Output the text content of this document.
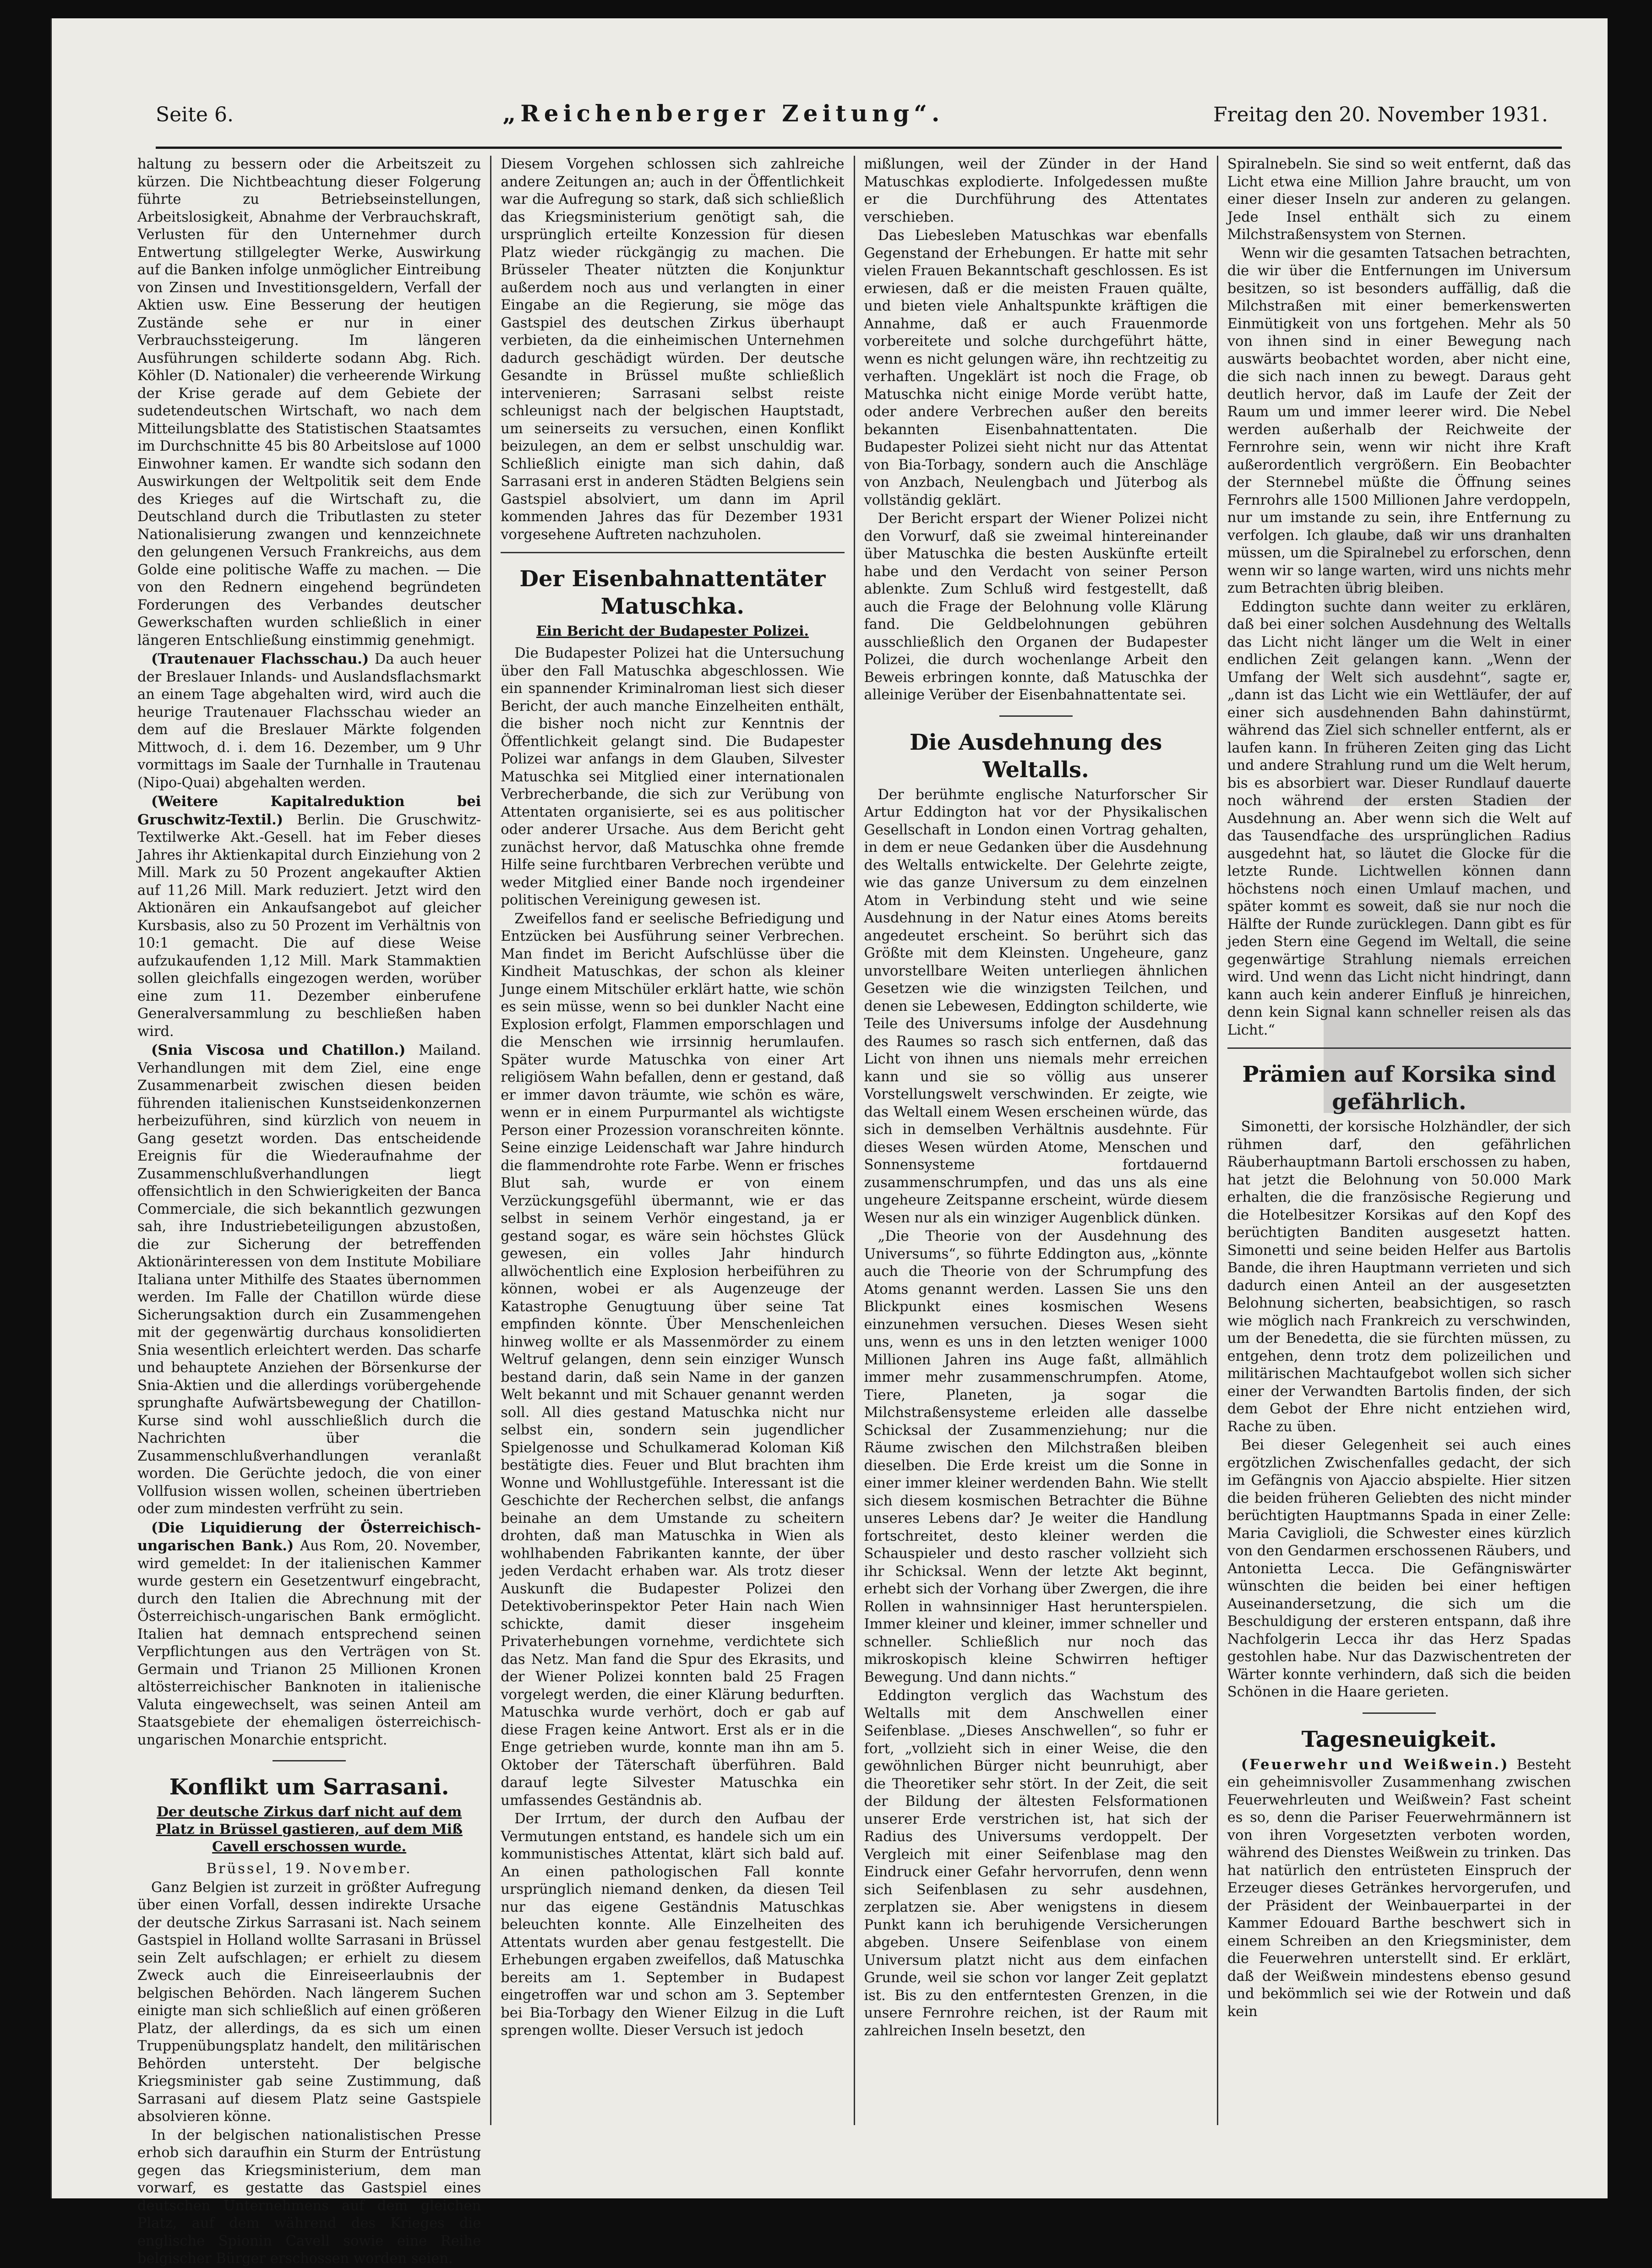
Seite 6.	„Reichenberger Zeitung“.	Freitag den 20. November 1931.

haltung zu bessern oder die Arbeitszeit zu kürzen. Die Nichtbeachtung dieser Folgerung führte zu Betriebseinstellungen, Arbeitslosigkeit, Abnahme der Verbrauchskraft, Verlusten für den Unternehmer durch Entwertung stillgelegter Werke, Auswirkung auf die Banken infolge unmöglicher Eintreibung von Zinsen und Investitionsgeldern, Verfall der Aktien usw. Eine Besserung der heutigen Zustände sehe er nur in einer Verbrauchssteigerung. Im längeren Ausführungen schilderte sodann Abg. Rich. Köhler (D. Nationaler) die verheerende Wirkung der Krise gerade auf dem Gebiete der sudetendeutschen Wirtschaft, wo nach dem Mitteilungsblatte des Statistischen Staatsamtes im Durchschnitte 45 bis 80 Arbeitslose auf 1000 Einwohner kamen. Er wandte sich sodann den Auswirkungen der Weltpolitik seit dem Ende des Krieges auf die Wirtschaft zu, die Deutschland durch die Tributlasten zu steter Nationalisierung zwangen und kennzeichnete den gelungenen Versuch Frankreichs, aus dem Golde eine politische Waffe zu machen. — Die von den Rednern eingehend begründeten Forderungen des Verbandes deutscher Gewerkschaften wurden schließlich in einer längeren Entschließung einstimmig genehmigt.

(Trautenauer Flachsschau.) Da auch heuer der Breslauer Inlands- und Auslandsflachsmarkt an einem Tage abgehalten wird, wird auch die heurige Trautenauer Flachsschau wieder an dem auf die Breslauer Märkte folgenden Mittwoch, d. i. dem 16. Dezember, um 9 Uhr vormittags im Saale der Turnhalle in Trautenau (Nipo-Quai) abgehalten werden.

(Weitere Kapitalreduktion bei Gruschwitz-Textil.) Berlin. Die Gruschwitz-Textilwerke Akt.-Gesell. hat im Feber dieses Jahres ihr Aktienkapital durch Einziehung von 2 Mill. Mark zu 50 Prozent angekaufter Aktien auf 11,26 Mill. Mark reduziert. Jetzt wird den Aktionären ein Ankaufsangebot auf gleicher Kursbasis, also zu 50 Prozent im Verhältnis von 10:1 gemacht. Die auf diese Weise aufzukaufenden 1,12 Mill. Mark Stammaktien sollen gleichfalls eingezogen werden, worüber eine zum 11. Dezember einberufene Generalversammlung zu beschließen haben wird.

(Snia Viscosa und Chatillon.) Mailand. Verhandlungen mit dem Ziel, eine enge Zusammenarbeit zwischen diesen beiden führenden italienischen Kunstseidenkonzernen herbeizuführen, sind kürzlich von neuem in Gang gesetzt worden. Das entscheidende Ereignis für die Wiederaufnahme der Zusammenschlußverhandlungen liegt offensichtlich in den Schwierigkeiten der Banca Commerciale, die sich bekanntlich gezwungen sah, ihre Industriebeteiligungen abzustoßen, die zur Sicherung der betreffenden Aktionärinteressen von dem Institute Mobiliare Italiana unter Mithilfe des Staates übernommen werden. Im Falle der Chatillon würde diese Sicherungsaktion durch ein Zusammengehen mit der gegenwärtig durchaus konsolidierten Snia wesentlich erleichtert werden. Das scharfe und behauptete Anziehen der Börsenkurse der Snia-Aktien und die allerdings vorübergehende sprunghafte Aufwärtsbewegung der Chatillon-Kurse sind wohl ausschließlich durch die Nachrichten über die Zusammenschlußverhandlungen veranlaßt worden. Die Gerüchte jedoch, die von einer Vollfusion wissen wollen, scheinen übertrieben oder zum mindesten verfrüht zu sein.

(Die Liquidierung der Österreichisch-ungarischen Bank.) Aus Rom, 20. November, wird gemeldet: In der italienischen Kammer wurde gestern ein Gesetzentwurf eingebracht, durch den Italien die Abrechnung mit der Österreichisch-ungarischen Bank ermöglicht. Italien hat demnach entsprechend seinen Verpflichtungen aus den Verträgen von St. Germain und Trianon 25 Millionen Kronen altösterreichischer Banknoten in italienische Valuta eingewechselt, was seinen Anteil am Staatsgebiete der ehemaligen österreichisch-ungarischen Monarchie entspricht.

Konflikt um Sarrasani.
Der deutsche Zirkus darf nicht auf dem Platz in Brüssel gastieren, auf dem Miß Cavell erschossen wurde.

Brüssel, 19. November.

Ganz Belgien ist zurzeit in größter Aufregung über einen Vorfall, dessen indirekte Ursache der deutsche Zirkus Sarrasani ist. Nach seinem Gastspiel in Holland wollte Sarrasani in Brüssel sein Zelt aufschlagen; er erhielt zu diesem Zweck auch die Einreiseerlaubnis der belgischen Behörden. Nach längerem Suchen einigte man sich schließlich auf einen größeren Platz, der allerdings, da es sich um einen Truppenübungsplatz handelt, den militärischen Behörden untersteht. Der belgische Kriegsminister gab seine Zustimmung, daß Sarrasani auf diesem Platz seine Gastspiele absolvieren könne.

In der belgischen nationalistischen Presse erhob sich daraufhin ein Sturm der Entrüstung gegen das Kriegsministerium, dem man vorwarf, es gestatte das Gastspiel eines deutschen Unternehmens auf dem gleichen Platz, auf dem während des Krieges die englische Spionin Cavell sowie eine Reihe belgischer Bürger erschossen worden seien.

Diesem Vorgehen schlossen sich zahlreiche andere Zeitungen an; auch in der Öffentlichkeit war die Aufregung so stark, daß sich schließlich das Kriegsministerium genötigt sah, die ursprünglich erteilte Konzession für diesen Platz wieder rückgängig zu machen. Die Brüsseler Theater nützten die Konjunktur außerdem noch aus und verlangten in einer Eingabe an die Regierung, sie möge das Gastspiel des deutschen Zirkus überhaupt verbieten, da die einheimischen Unternehmen dadurch geschädigt würden. Der deutsche Gesandte in Brüssel mußte schließlich intervenieren; Sarrasani selbst reiste schleunigst nach der belgischen Hauptstadt, um seinerseits zu versuchen, einen Konflikt beizulegen, an dem er selbst unschuldig war. Schließlich einigte man sich dahin, daß Sarrasani erst in anderen Städten Belgiens sein Gastspiel absolviert, um dann im April kommenden Jahres das für Dezember 1931 vorgesehene Auftreten nachzuholen.

Der Eisenbahnattentäter Matuschka.
Ein Bericht der Budapester Polizei.

Die Budapester Polizei hat die Untersuchung über den Fall Matuschka abgeschlossen. Wie ein spannender Kriminalroman liest sich dieser Bericht, der auch manche Einzelheiten enthält, die bisher noch nicht zur Kenntnis der Öffentlichkeit gelangt sind. Die Budapester Polizei war anfangs in dem Glauben, Silvester Matuschka sei Mitglied einer internationalen Verbrecherbande, die sich zur Verübung von Attentaten organisierte, sei es aus politischer oder anderer Ursache. Aus dem Bericht geht zunächst hervor, daß Matuschka ohne fremde Hilfe seine furchtbaren Verbrechen verübte und weder Mitglied einer Bande noch irgendeiner politischen Vereinigung gewesen ist.

Zweifellos fand er seelische Befriedigung und Entzücken bei Ausführung seiner Verbrechen. Man findet im Bericht Aufschlüsse über die Kindheit Matuschkas, der schon als kleiner Junge einem Mitschüler erklärt hatte, wie schön es sein müsse, wenn so bei dunkler Nacht eine Explosion erfolgt, Flammen emporschlagen und die Menschen wie irrsinnig herumlaufen. Später wurde Matuschka von einer Art religiösem Wahn befallen, denn er gestand, daß er immer davon träumte, wie schön es wäre, wenn er in einem Purpurmantel als wichtigste Person einer Prozession voranschreiten könnte. Seine einzige Leidenschaft war Jahre hindurch die flammendrohte rote Farbe. Wenn er frisches Blut sah, wurde er von einem Verzückungsgefühl übermannt, wie er das selbst in seinem Verhör eingestand, ja er gestand sogar, es wäre sein höchstes Glück gewesen, ein volles Jahr hindurch allwöchentlich eine Explosion herbeiführen zu können, wobei er als Augenzeuge der Katastrophe Genugtuung über seine Tat empfinden könnte. Über Menschenleichen hinweg wollte er als Massenmörder zu einem Weltruf gelangen, denn sein einziger Wunsch bestand darin, daß sein Name in der ganzen Welt bekannt und mit Schauer genannt werden soll. All dies gestand Matuschka nicht nur selbst ein, sondern sein jugendlicher Spielgenosse und Schulkamerad Koloman Kiß bestätigte dies. Feuer und Blut brachten ihm Wonne und Wohllustgefühle. Interessant ist die Geschichte der Recherchen selbst, die anfangs beinahe an dem Umstande zu scheitern drohten, daß man Matuschka in Wien als wohlhabenden Fabrikanten kannte, der über jeden Verdacht erhaben war. Als trotz dieser Auskunft die Budapester Polizei den Detektivoberinspektor Peter Hain nach Wien schickte, damit dieser insgeheim Privaterhebungen vornehme, verdichtete sich das Netz. Man fand die Spur des Ekrasits, und der Wiener Polizei konnten bald 25 Fragen vorgelegt werden, die einer Klärung bedurften. Matuschka wurde verhört, doch er gab auf diese Fragen keine Antwort. Erst als er in die Enge getrieben wurde, konnte man ihn am 5. Oktober der Täterschaft überführen. Bald darauf legte Silvester Matuschka ein umfassendes Geständnis ab.

Der Irrtum, der durch den Aufbau der Vermutungen entstand, es handele sich um ein kommunistisches Attentat, klärt sich bald auf. An einen pathologischen Fall konnte ursprünglich niemand denken, da diesen Teil nur das eigene Geständnis Matuschkas beleuchten konnte. Alle Einzelheiten des Attentats wurden aber genau festgestellt. Die Erhebungen ergaben zweifellos, daß Matuschka bereits am 1. September in Budapest eingetroffen war und schon am 3. September bei Bia-Torbagy den Wiener Eilzug in die Luft sprengen wollte. Dieser Versuch ist jedoch

mißlungen, weil der Zünder in der Hand Matuschkas explodierte. Infolgedessen mußte er die Durchführung des Attentates verschieben.

Das Liebesleben Matuschkas war ebenfalls Gegenstand der Erhebungen. Er hatte mit sehr vielen Frauen Bekanntschaft geschlossen. Es ist erwiesen, daß er die meisten Frauen quälte, und bieten viele Anhaltspunkte kräftigen die Annahme, daß er auch Frauenmorde vorbereitete und solche durchgeführt hätte, wenn es nicht gelungen wäre, ihn rechtzeitig zu verhaften. Ungeklärt ist noch die Frage, ob Matuschka nicht einige Morde verübt hatte, oder andere Verbrechen außer den bereits bekannten Eisenbahnattentaten. Die Budapester Polizei sieht nicht nur das Attentat von Bia-Torbagy, sondern auch die Anschläge von Anzbach, Neulengbach und Jüterbog als vollständig geklärt.

Der Bericht erspart der Wiener Polizei nicht den Vorwurf, daß sie zweimal hintereinander über Matuschka die besten Auskünfte erteilt habe und den Verdacht von seiner Person ablenkte. Zum Schluß wird festgestellt, daß auch die Frage der Belohnung volle Klärung fand. Die Geldbelohnungen gebühren ausschließlich den Organen der Budapester Polizei, die durch wochenlange Arbeit den Beweis erbringen konnte, daß Matuschka der alleinige Verüber der Eisenbahnattentate sei.

Die Ausdehnung des Weltalls.

Der berühmte englische Naturforscher Sir Artur Eddington hat vor der Physikalischen Gesellschaft in London einen Vortrag gehalten, in dem er neue Gedanken über die Ausdehnung des Weltalls entwickelte. Der Gelehrte zeigte, wie das ganze Universum zu dem einzelnen Atom in Verbindung steht und wie seine Ausdehnung in der Natur eines Atoms bereits angedeutet erscheint. So berührt sich das Größte mit dem Kleinsten. Ungeheure, ganz unvorstellbare Weiten unterliegen ähnlichen Gesetzen wie die winzigsten Teilchen, und denen sie Lebewesen, Eddington schilderte, wie Teile des Universums infolge der Ausdehnung des Raumes so rasch sich entfernen, daß das Licht von ihnen uns niemals mehr erreichen kann und sie so völlig aus unserer Vorstellungswelt verschwinden. Er zeigte, wie das Weltall einem Wesen erscheinen würde, das sich in demselben Verhältnis ausdehnte. Für dieses Wesen würden Atome, Menschen und Sonnensysteme fortdauernd zusammenschrumpfen, und das uns als eine ungeheure Zeitspanne erscheint, würde diesem Wesen nur als ein winziger Augenblick dünken.

„Die Theorie von der Ausdehnung des Universums“, so führte Eddington aus, „könnte auch die Theorie von der Schrumpfung des Atoms genannt werden. Lassen Sie uns den Blickpunkt eines kosmischen Wesens einzunehmen versuchen. Dieses Wesen sieht uns, wenn es uns in den letzten weniger 1000 Millionen Jahren ins Auge faßt, allmählich immer mehr zusammenschrumpfen. Atome, Tiere, Planeten, ja sogar die Milchstraßensysteme erleiden alle dasselbe Schicksal der Zusammenziehung; nur die Räume zwischen den Milchstraßen bleiben dieselben. Die Erde kreist um die Sonne in einer immer kleiner werdenden Bahn. Wie stellt sich diesem kosmischen Betrachter die Bühne unseres Lebens dar? Je weiter die Handlung fortschreitet, desto kleiner werden die Schauspieler und desto rascher vollzieht sich ihr Schicksal. Wenn der letzte Akt beginnt, erhebt sich der Vorhang über Zwergen, die ihre Rollen in wahnsinniger Hast herunterspielen. Immer kleiner und kleiner, immer schneller und schneller. Schließlich nur noch das mikroskopisch kleine Schwirren heftiger Bewegung. Und dann nichts.“

Eddington verglich das Wachstum des Weltalls mit dem Anschwellen einer Seifenblase. „Dieses Anschwellen“, so fuhr er fort, „vollzieht sich in einer Weise, die den gewöhnlichen Bürger nicht beunruhigt, aber die Theoretiker sehr stört. In der Zeit, die seit der Bildung der ältesten Felsformationen unserer Erde verstrichen ist, hat sich der Radius des Universums verdoppelt. Der Vergleich mit einer Seifenblase mag den Eindruck einer Gefahr hervorrufen, denn wenn sich Seifenblasen zu sehr ausdehnen, zerplatzen sie. Aber wenigstens in diesem Punkt kann ich beruhigende Versicherungen abgeben. Unsere Seifenblase von einem Universum platzt nicht aus dem einfachen Grunde, weil sie schon vor langer Zeit geplatzt ist. Bis zu den entferntesten Grenzen, in die unsere Fernrohre reichen, ist der Raum mit zahlreichen Inseln besetzt, den

Spiralnebeln. Sie sind so weit entfernt, daß das Licht etwa eine Million Jahre braucht, um von einer dieser Inseln zur anderen zu gelangen. Jede Insel enthält sich zu einem Milchstraßensystem von Sternen.

Wenn wir die gesamten Tatsachen betrachten, die wir über die Entfernungen im Universum besitzen, so ist besonders auffällig, daß die Milchstraßen mit einer bemerkenswerten Einmütigkeit von uns fortgehen. Mehr als 50 von ihnen sind in einer Bewegung nach auswärts beobachtet worden, aber nicht eine, die sich nach innen zu bewegt. Daraus geht deutlich hervor, daß im Laufe der Zeit der Raum um und immer leerer wird. Die Nebel werden außerhalb der Reichweite der Fernrohre sein, wenn wir nicht ihre Kraft außerordentlich vergrößern. Ein Beobachter der Sternnebel müßte die Öffnung seines Fernrohrs alle 1500 Millionen Jahre verdoppeln, nur um imstande zu sein, ihre Entfernung zu verfolgen. Ich glaube, daß wir uns dranhalten müssen, um die Spiralnebel zu erforschen, denn wenn wir so lange warten, wird uns nichts mehr zum Betrachten übrig bleiben.

Eddington suchte dann weiter zu erklären, daß bei einer solchen Ausdehnung des Weltalls das Licht nicht länger um die Welt in einer endlichen Zeit gelangen kann. „Wenn der Umfang der Welt sich ausdehnt“, sagte er, „dann ist das Licht wie ein Wettläufer, der auf einer sich ausdehnenden Bahn dahinstürmt, während das Ziel sich schneller entfernt, als er laufen kann. In früheren Zeiten ging das Licht und andere Strahlung rund um die Welt herum, bis es absorbiert war. Dieser Rundlauf dauerte noch während der ersten Stadien der Ausdehnung an. Aber wenn sich die Welt auf das Tausendfache des ursprünglichen Radius ausgedehnt hat, so läutet die Glocke für die letzte Runde. Lichtwellen können dann höchstens noch einen Umlauf machen, und später kommt es soweit, daß sie nur noch die Hälfte der Runde zurücklegen. Dann gibt es für jeden Stern eine Gegend im Weltall, die seine gegenwärtige Strahlung niemals erreichen wird. Und wenn das Licht nicht hindringt, dann kann auch kein anderer Einfluß je hinreichen, denn kein Signal kann schneller reisen als das Licht.“

Prämien auf Korsika sind gefährlich.

Simonetti, der korsische Holzhändler, der sich rühmen darf, den gefährlichen Räuberhauptmann Bartoli erschossen zu haben, hat jetzt die Belohnung von 50.000 Mark erhalten, die die französische Regierung und die Hotelbesitzer Korsikas auf den Kopf des berüchtigten Banditen ausgesetzt hatten. Simonetti und seine beiden Helfer aus Bartolis Bande, die ihren Hauptmann verrieten und sich dadurch einen Anteil an der ausgesetzten Belohnung sicherten, beabsichtigen, so rasch wie möglich nach Frankreich zu verschwinden, um der Benedetta, die sie fürchten müssen, zu entgehen, denn trotz dem polizeilichen und militärischen Machtaufgebot wollen sich sicher einer der Verwandten Bartolis finden, der sich dem Gebot der Ehre nicht entziehen wird, Rache zu üben.

Bei dieser Gelegenheit sei auch eines ergötzlichen Zwischenfalles gedacht, der sich im Gefängnis von Ajaccio abspielte. Hier sitzen die beiden früheren Geliebten des nicht minder berüchtigten Hauptmanns Spada in einer Zelle: Maria Caviglioli, die Schwester eines kürzlich von den Gendarmen erschossenen Räubers, und Antonietta Lecca. Die Gefängniswärter wünschten die beiden bei einer heftigen Auseinandersetzung, die sich um die Beschuldigung der ersteren entspann, daß ihre Nachfolgerin Lecca ihr das Herz Spadas gestohlen habe. Nur das Dazwischentreten der Wärter konnte verhindern, daß sich die beiden Schönen in die Haare gerieten.

Tagesneuigkeit.

(Feuerwehr und Weißwein.) Besteht ein geheimnisvoller Zusammenhang zwischen Feuerwehrleuten und Weißwein? Fast scheint es so, denn die Pariser Feuerwehrmännern ist von ihren Vorgesetzten verboten worden, während des Dienstes Weißwein zu trinken. Das hat natürlich den entrüsteten Einspruch der Erzeuger dieses Getränkes hervorgerufen, und der Präsident der Weinbauerpartei in der Kammer Edouard Barthe beschwert sich in einem Schreiben an den Kriegsminister, dem die Feuerwehren unterstellt sind. Er erklärt, daß der Weißwein mindestens ebenso gesund und bekömmlich sei wie der Rotwein und daß kein
